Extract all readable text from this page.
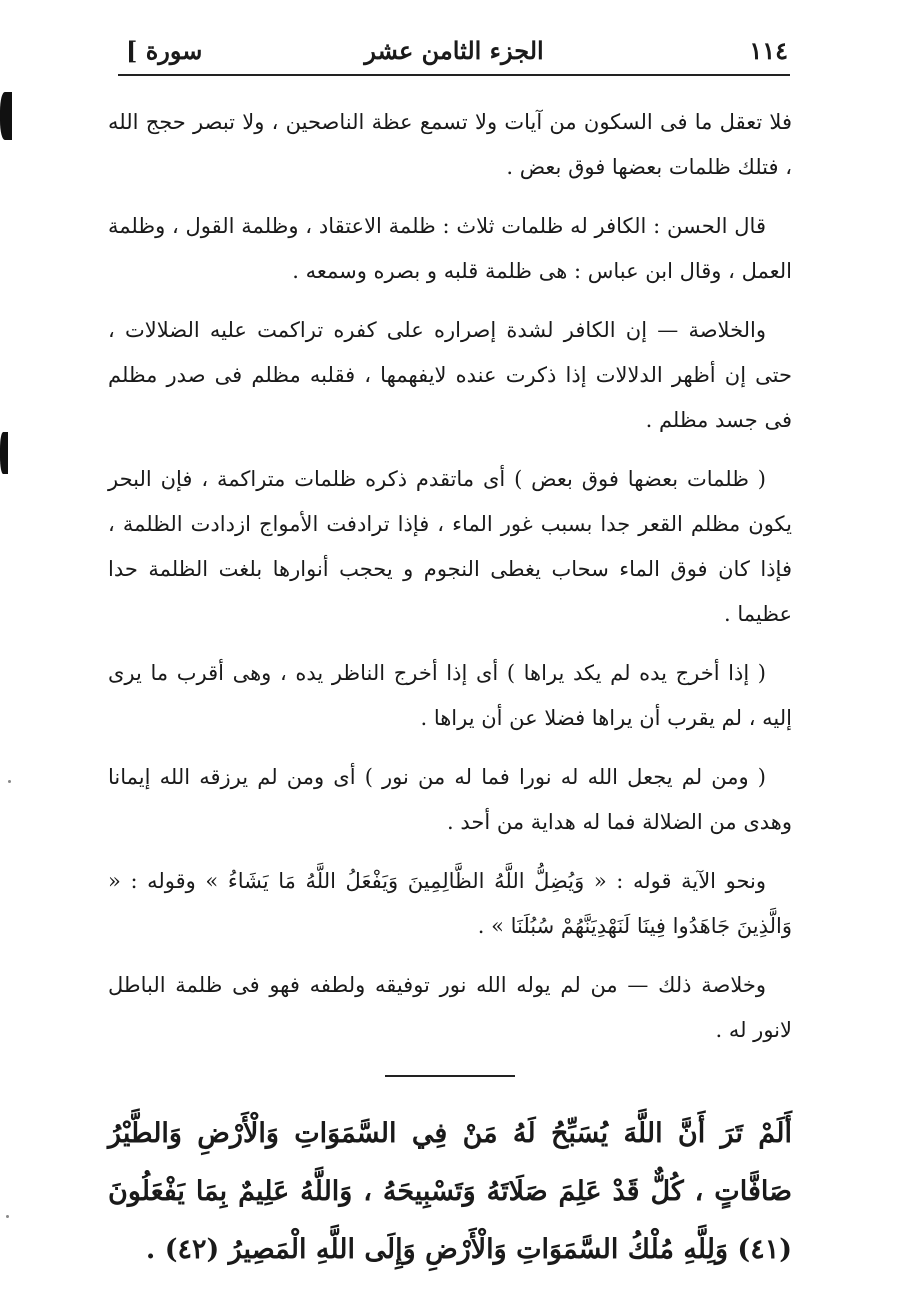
١١٤
الجزء الثامن عشر
[ سورة

فلا تعقل ما فى السكون من آيات ولا تسمع عظة الناصحين ، ولا تبصر حجج الله ، فتلك ظلمات بعضها فوق بعض .

قال الحسن : الكافر له ظلمات ثلاث : ظلمة الاعتقاد ، وظلمة القول ، وظلمة العمل ، وقال ابن عباس : هى ظلمة قلبه و بصره وسمعه .

والخلاصة — إن الكافر لشدة إصراره على كفره تراكمت عليه الضلالات ، حتى إن أظهر الدلالات إذا ذكرت عنده لايفهمها ، فقلبه مظلم فى صدر مظلم فى جسد مظلم .

( ظلمات بعضها فوق بعض ) أى ماتقدم ذكره ظلمات متراكمة ، فإن البحر يكون مظلم القعر جدا بسبب غور الماء ، فإذا ترادفت الأمواج ازدادت الظلمة ، فإذا كان فوق الماء سحاب يغطى النجوم و يحجب أنوارها بلغت الظلمة حدا عظيما .

( إذا أخرج يده لم يكد يراها ) أى إذا أخرج الناظر يده ، وهى أقرب ما يرى إليه ، لم يقرب أن يراها فضلا عن أن يراها .

( ومن لم يجعل الله له نورا فما له من نور ) أى ومن لم يرزقه الله إيمانا وهدى من الضلالة فما له هداية من أحد .

ونحو الآية قوله : « وَيُضِلُّ اللَّهُ الظَّالِمِينَ وَيَفْعَلُ اللَّهُ مَا يَشَاءُ » وقوله : « وَالَّذِينَ جَاهَدُوا فِينَا لَنَهْدِيَنَّهُمْ سُبُلَنَا » .

وخلاصة ذلك — من لم يوله الله نور توفيقه ولطفه فهو فى ظلمة الباطل لانور له .

أَلَمْ تَرَ أَنَّ اللَّهَ يُسَبِّحُ لَهُ مَنْ فِي السَّمَوَاتِ وَالْأَرْضِ وَالطَّيْرُ صَافَّاتٍ ، كُلٌّ قَدْ عَلِمَ صَلَاتَهُ وَتَسْبِيحَهُ ، وَاللَّهُ عَلِيمٌ بِمَا يَفْعَلُونَ (٤١) وَلِلَّهِ مُلْكُ السَّمَوَاتِ وَالْأَرْضِ وَإِلَى اللَّهِ الْمَصِيرُ (٤٢) .
